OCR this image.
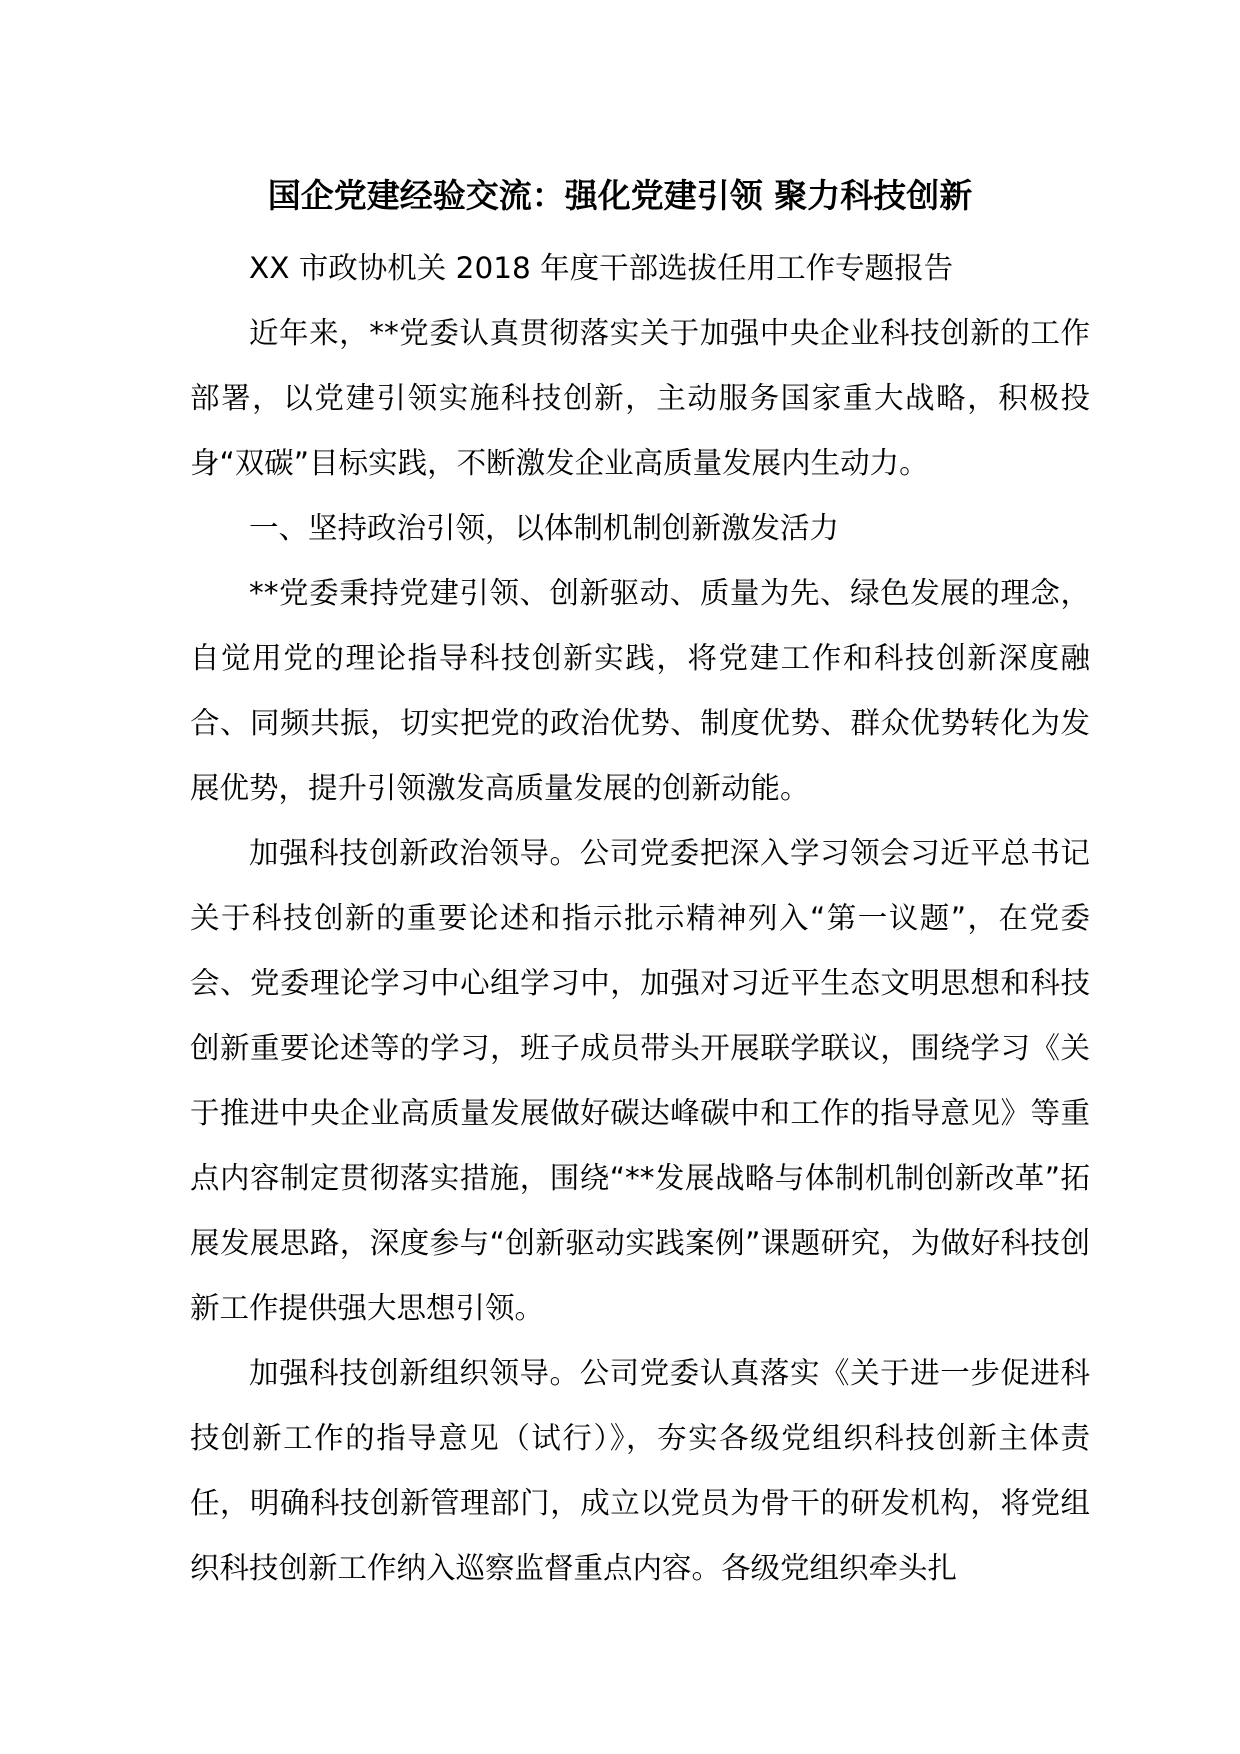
国企党建经验交流：强化党建引领 聚力科技创新

XX 市政协机关 2018 年度干部选拔任用工作专题报告

近年来，**党委认真贯彻落实关于加强中央企业科技创新的工作部署，以党建引领实施科技创新，主动服务国家重大战略，积极投身“双碳”目标实践，不断激发企业高质量发展内生动力。

一、坚持政治引领，以体制机制创新激发活力

**党委秉持党建引领、创新驱动、质量为先、绿色发展的理念，自觉用党的理论指导科技创新实践，将党建工作和科技创新深度融合、同频共振，切实把党的政治优势、制度优势、群众优势转化为发展优势，提升引领激发高质量发展的创新动能。

加强科技创新政治领导。公司党委把深入学习领会习近平总书记关于科技创新的重要论述和指示批示精神列入“第一议题”，在党委会、党委理论学习中心组学习中，加强对习近平生态文明思想和科技创新重要论述等的学习，班子成员带头开展联学联议，围绕学习《关于推进中央企业高质量发展做好碳达峰碳中和工作的指导意见》等重点内容制定贯彻落实措施，围绕“**发展战略与体制机制创新改革”拓展发展思路，深度参与“创新驱动实践案例”课题研究，为做好科技创新工作提供强大思想引领。

加强科技创新组织领导。公司党委认真落实《关于进一步促进科技创新工作的指导意见（试行）》，夯实各级党组织科技创新主体责任，明确科技创新管理部门，成立以党员为骨干的研发机构，将党组织科技创新工作纳入巡察监督重点内容。各级党组织牵头扎
